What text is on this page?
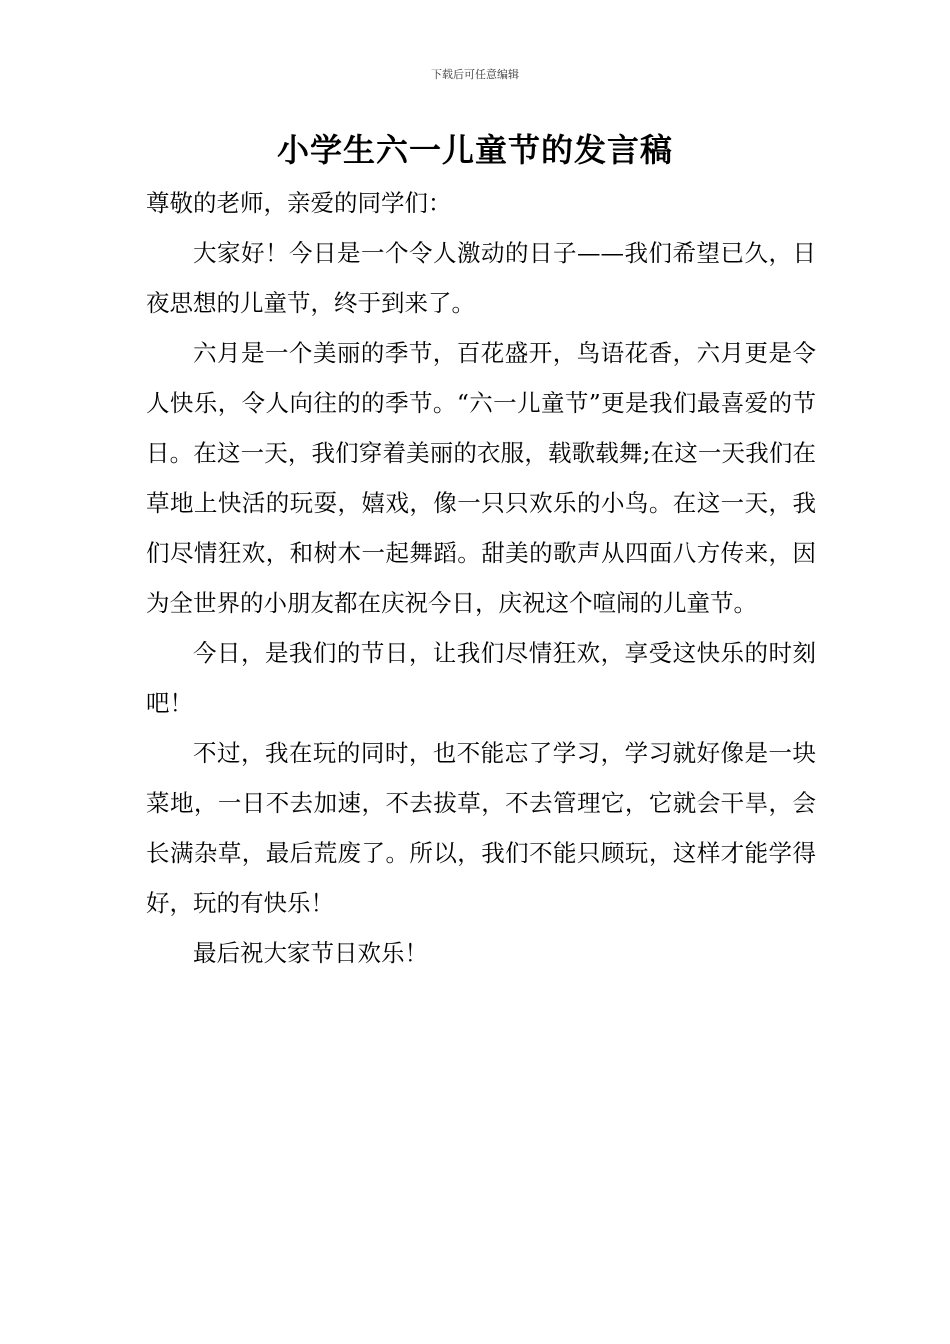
下载后可任意编辑
小学生六一儿童节的发言稿

尊敬的老师，亲爱的同学们：

大家好！今日是一个令人激动的日子——我们希望已久，日夜思想的儿童节，终于到来了。

六月是一个美丽的季节，百花盛开，鸟语花香，六月更是令人快乐，令人向往的的季节。“六一儿童节”更是我们最喜爱的节日。在这一天，我们穿着美丽的衣服，载歌载舞;在这一天我们在草地上快活的玩耍，嬉戏，像一只只欢乐的小鸟。在这一天，我们尽情狂欢，和树木一起舞蹈。甜美的歌声从四面八方传来，因为全世界的小朋友都在庆祝今日，庆祝这个喧闹的儿童节。

今日，是我们的节日，让我们尽情狂欢，享受这快乐的时刻吧！

不过，我在玩的同时，也不能忘了学习，学习就好像是一块菜地，一日不去加速，不去拔草，不去管理它，它就会干旱，会长满杂草，最后荒废了。所以，我们不能只顾玩，这样才能学得好，玩的有快乐！

最后祝大家节日欢乐！
